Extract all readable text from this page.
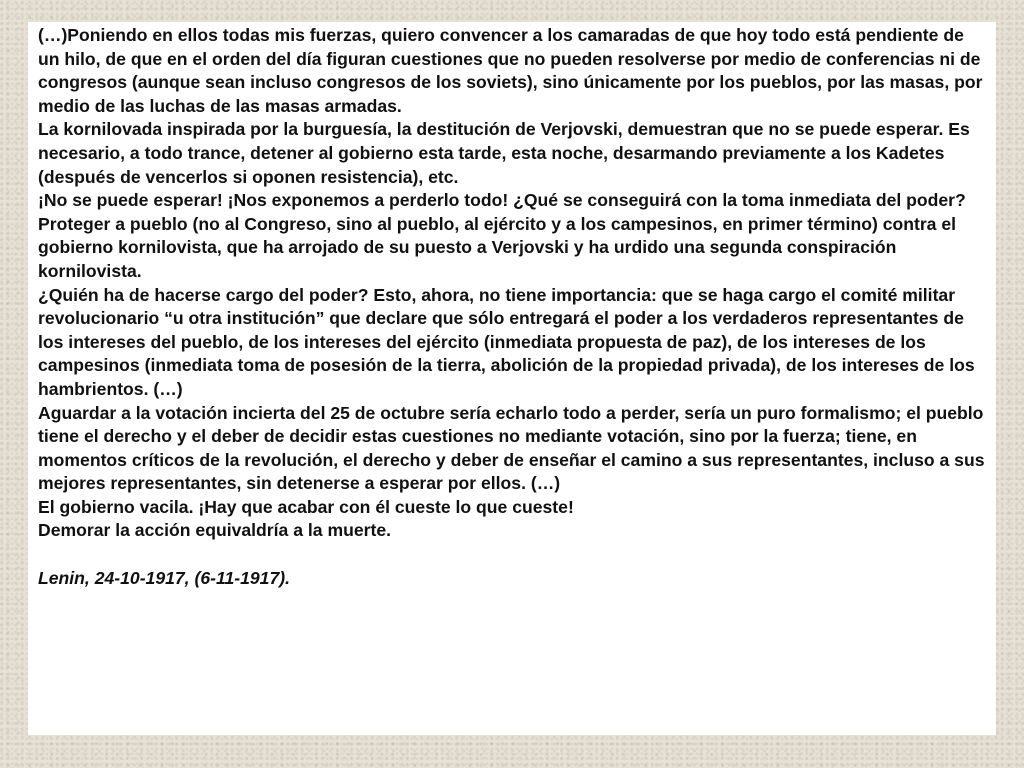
(…)Poniendo en ellos todas mis fuerzas, quiero convencer a los camaradas de que hoy todo está pendiente de un hilo, de que en el orden del día figuran cuestiones que no pueden resolverse por medio de conferencias ni de congresos (aunque sean incluso congresos de los soviets), sino únicamente por los pueblos, por las masas, por medio de las luchas de las masas armadas.

La kornilovada inspirada por la burguesía, la destitución de Verjovski, demuestran que no se puede esperar. Es necesario, a todo trance, detener al gobierno esta tarde, esta noche, desarmando previamente a los Kadetes (después de vencerlos si oponen resistencia), etc.

¡No se puede esperar! ¡Nos exponemos a perderlo todo! ¿Qué se conseguirá con la toma inmediata del poder? Proteger a pueblo (no al Congreso, sino al pueblo, al ejército y a los campesinos, en primer término) contra el gobierno kornilovista, que ha arrojado de su puesto a Verjovski y ha urdido una segunda conspiración kornilovista.

¿Quién ha de hacerse cargo del poder? Esto, ahora, no tiene importancia: que se haga cargo el comité militar revolucionario “u otra institución” que declare que sólo entregará el poder a los verdaderos representantes de los intereses del pueblo, de los intereses del ejército (inmediata propuesta de paz), de los intereses de los campesinos (inmediata toma de posesión de la tierra, abolición de la propiedad privada), de los intereses de los hambrientos. (…)

Aguardar a la votación incierta del 25 de octubre sería echarlo todo a perder, sería un puro formalismo; el pueblo tiene el derecho y el deber de decidir estas cuestiones no mediante votación, sino por la fuerza; tiene, en momentos críticos de la revolución, el derecho y deber de enseñar el camino a sus representantes, incluso a sus mejores representantes, sin detenerse a esperar por ellos. (…)

El gobierno vacila. ¡Hay que acabar con él cueste lo que cueste!

Demorar la acción equivaldría a la muerte.

Lenin, 24-10-1917, (6-11-1917).
